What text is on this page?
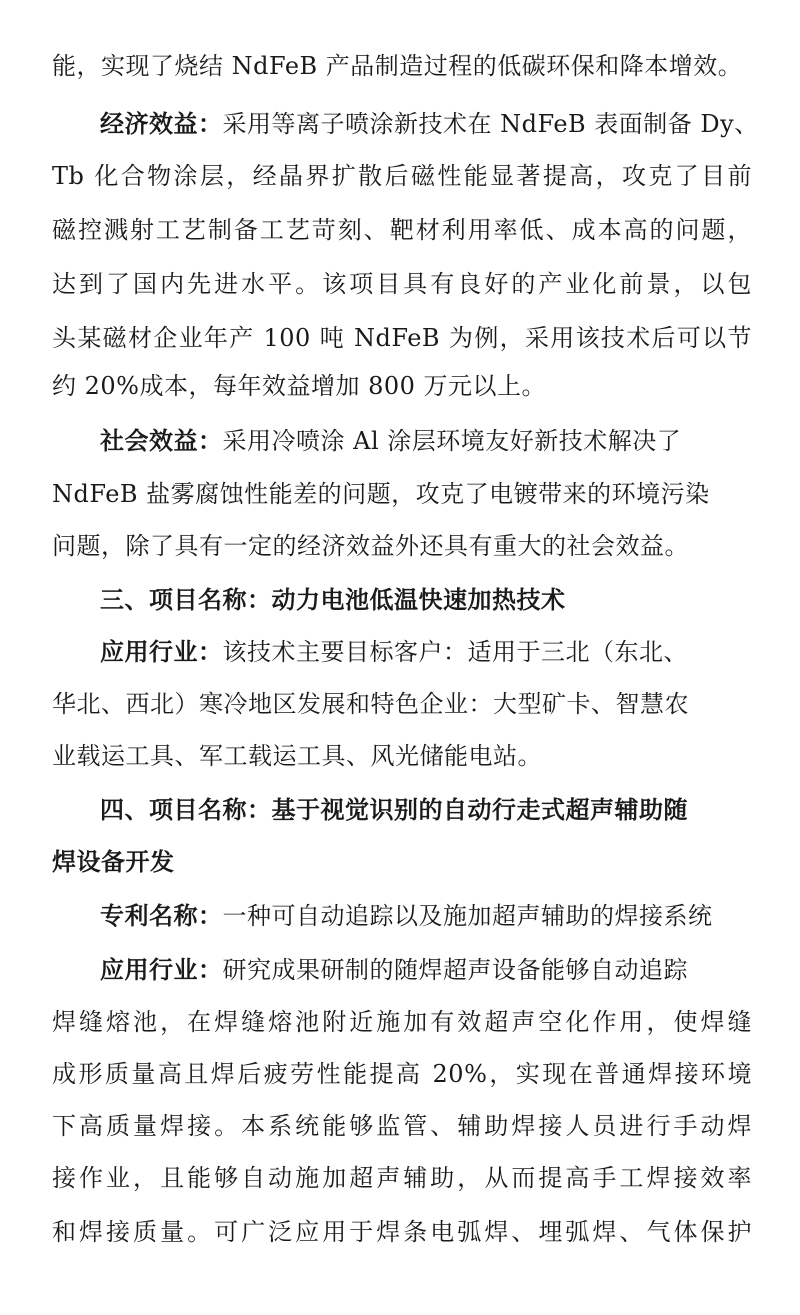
能，实现了烧结 NdFeB 产品制造过程的低碳环保和降本增效。
经济效益：采用等离子喷涂新技术在 NdFeB 表面制备 Dy、
Tb 化合物涂层，经晶界扩散后磁性能显著提高，攻克了目前
磁控溅射工艺制备工艺苛刻、靶材利用率低、成本高的问题，
达到了国内先进水平。该项目具有良好的产业化前景，以包
头某磁材企业年产 100 吨 NdFeB 为例，采用该技术后可以节
约 20%成本，每年效益增加 800 万元以上。
社会效益：采用冷喷涂 Al 涂层环境友好新技术解决了
NdFeB 盐雾腐蚀性能差的问题，攻克了电镀带来的环境污染
问题，除了具有一定的经济效益外还具有重大的社会效益。
三、项目名称：动力电池低温快速加热技术
应用行业：该技术主要目标客户：适用于三北（东北、
华北、西北）寒冷地区发展和特色企业：大型矿卡、智慧农
业载运工具、军工载运工具、风光储能电站。
四、项目名称：基于视觉识别的自动行走式超声辅助随
焊设备开发
专利名称：一种可自动追踪以及施加超声辅助的焊接系统
应用行业：研究成果研制的随焊超声设备能够自动追踪
焊缝熔池，在焊缝熔池附近施加有效超声空化作用，使焊缝
成形质量高且焊后疲劳性能提高 20%，实现在普通焊接环境
下高质量焊接。本系统能够监管、辅助焊接人员进行手动焊
接作业，且能够自动施加超声辅助，从而提高手工焊接效率
和焊接质量。可广泛应用于焊条电弧焊、埋弧焊、气体保护
